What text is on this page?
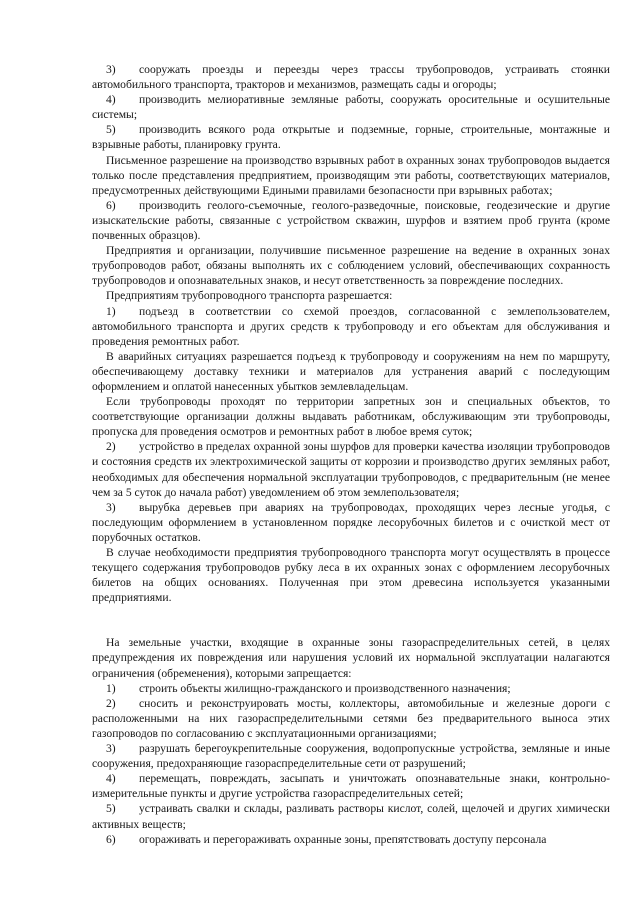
3) сооружать проезды и переезды через трассы трубопроводов, устраивать стоянки автомобильного транспорта, тракторов и механизмов, размещать сады и огороды;

4) производить мелиоративные земляные работы, сооружать оросительные и осушительные системы;

5) производить всякого рода открытые и подземные, горные, строительные, монтажные и взрывные работы, планировку грунта.

Письменное разрешение на производство взрывных работ в охранных зонах трубопроводов выдается только после представления предприятием, производящим эти работы, соответствующих материалов, предусмотренных действующими Едиными правилами безопасности при взрывных работах;

6) производить геолого-съемочные, геолого-разведочные, поисковые, геодезические и другие изыскательские работы, связанные с устройством скважин, шурфов и взятием проб грунта (кроме почвенных образцов).

Предприятия и организации, получившие письменное разрешение на ведение в охранных зонах трубопроводов работ, обязаны выполнять их с соблюдением условий, обеспечивающих сохранность трубопроводов и опознавательных знаков, и несут ответственность за повреждение последних.

Предприятиям трубопроводного транспорта разрешается:

1) подъезд в соответствии со схемой проездов, согласованной с землепользователем, автомобильного транспорта и других средств к трубопроводу и его объектам для обслуживания и проведения ремонтных работ.

В аварийных ситуациях разрешается подъезд к трубопроводу и сооружениям на нем по маршруту, обеспечивающему доставку техники и материалов для устранения аварий с последующим оформлением и оплатой нанесенных убытков землевладельцам.

Если трубопроводы проходят по территории запретных зон и специальных объектов, то соответствующие организации должны выдавать работникам, обслуживающим эти трубопроводы, пропуска для проведения осмотров и ремонтных работ в любое время суток;

2) устройство в пределах охранной зоны шурфов для проверки качества изоляции трубопроводов и состояния средств их электрохимической защиты от коррозии и производство других земляных работ, необходимых для обеспечения нормальной эксплуатации трубопроводов, с предварительным (не менее чем за 5 суток до начала работ) уведомлением об этом землепользователя;

3) вырубка деревьев при авариях на трубопроводах, проходящих через лесные угодья, с последующим оформлением в установленном порядке лесорубочных билетов и с очисткой мест от порубочных остатков.

В случае необходимости предприятия трубопроводного транспорта могут осуществлять в процессе текущего содержания трубопроводов рубку леса в их охранных зонах с оформлением лесорубочных билетов на общих основаниях. Полученная при этом древесина используется указанными предприятиями.

На земельные участки, входящие в охранные зоны газораспределительных сетей, в целях предупреждения их повреждения или нарушения условий их нормальной эксплуатации налагаются ограничения (обременения), которыми запрещается:

1) строить объекты жилищно-гражданского и производственного назначения;

2) сносить и реконструировать мосты, коллекторы, автомобильные и железные дороги с расположенными на них газораспределительными сетями без предварительного выноса этих газопроводов по согласованию с эксплуатационными организациями;

3) разрушать берегоукрепительные сооружения, водопропускные устройства, земляные и иные сооружения, предохраняющие газораспределительные сети от разрушений;

4) перемещать, повреждать, засыпать и уничтожать опознавательные знаки, контрольно-измерительные пункты и другие устройства газораспределительных сетей;

5) устраивать свалки и склады, разливать растворы кислот, солей, щелочей и других химически активных веществ;

6) огораживать и перегораживать охранные зоны, препятствовать доступу персонала
